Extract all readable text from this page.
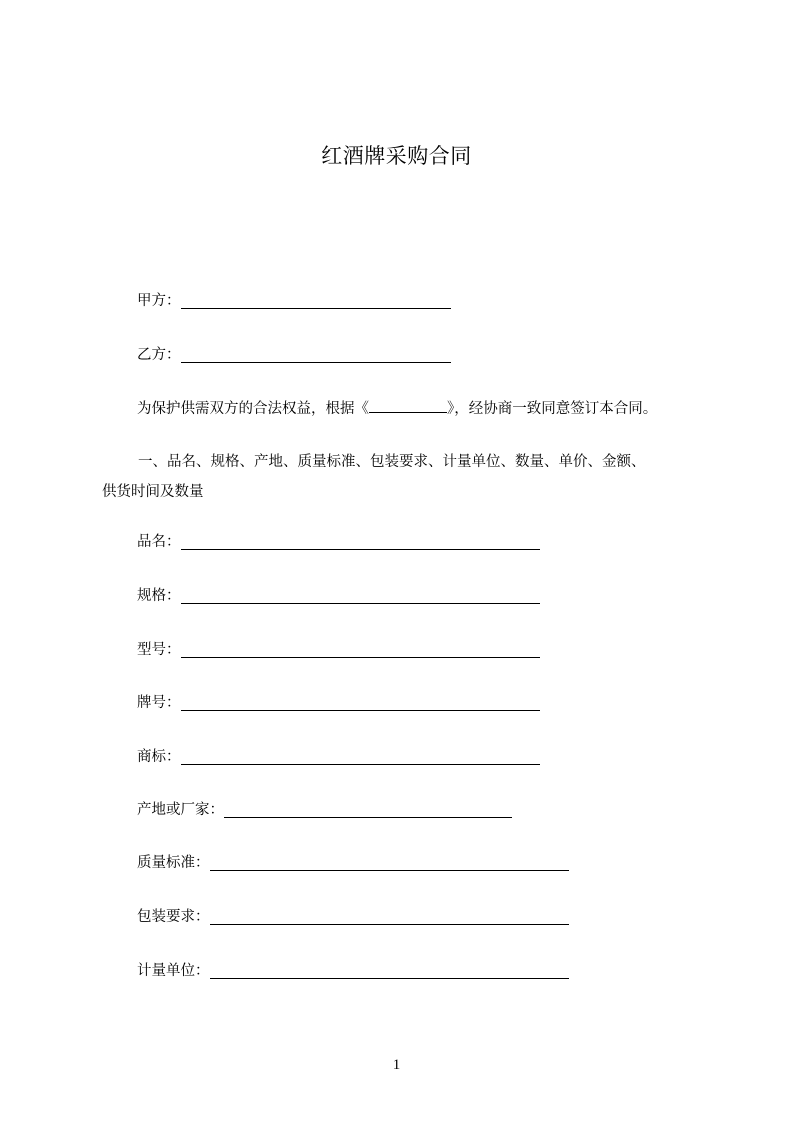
红酒牌采购合同
甲方：
乙方：
为保护供需双方的合法权益，根据《	》，经协商一致同意签订本合同。
一、品名、规格、产地、质量标准、包装要求、计量单位、数量、单价、金额、
供货时间及数量
品名：
规格：
型号：
牌号：
商标：
产地或厂家：
质量标准：
包装要求：
计量单位：
1
